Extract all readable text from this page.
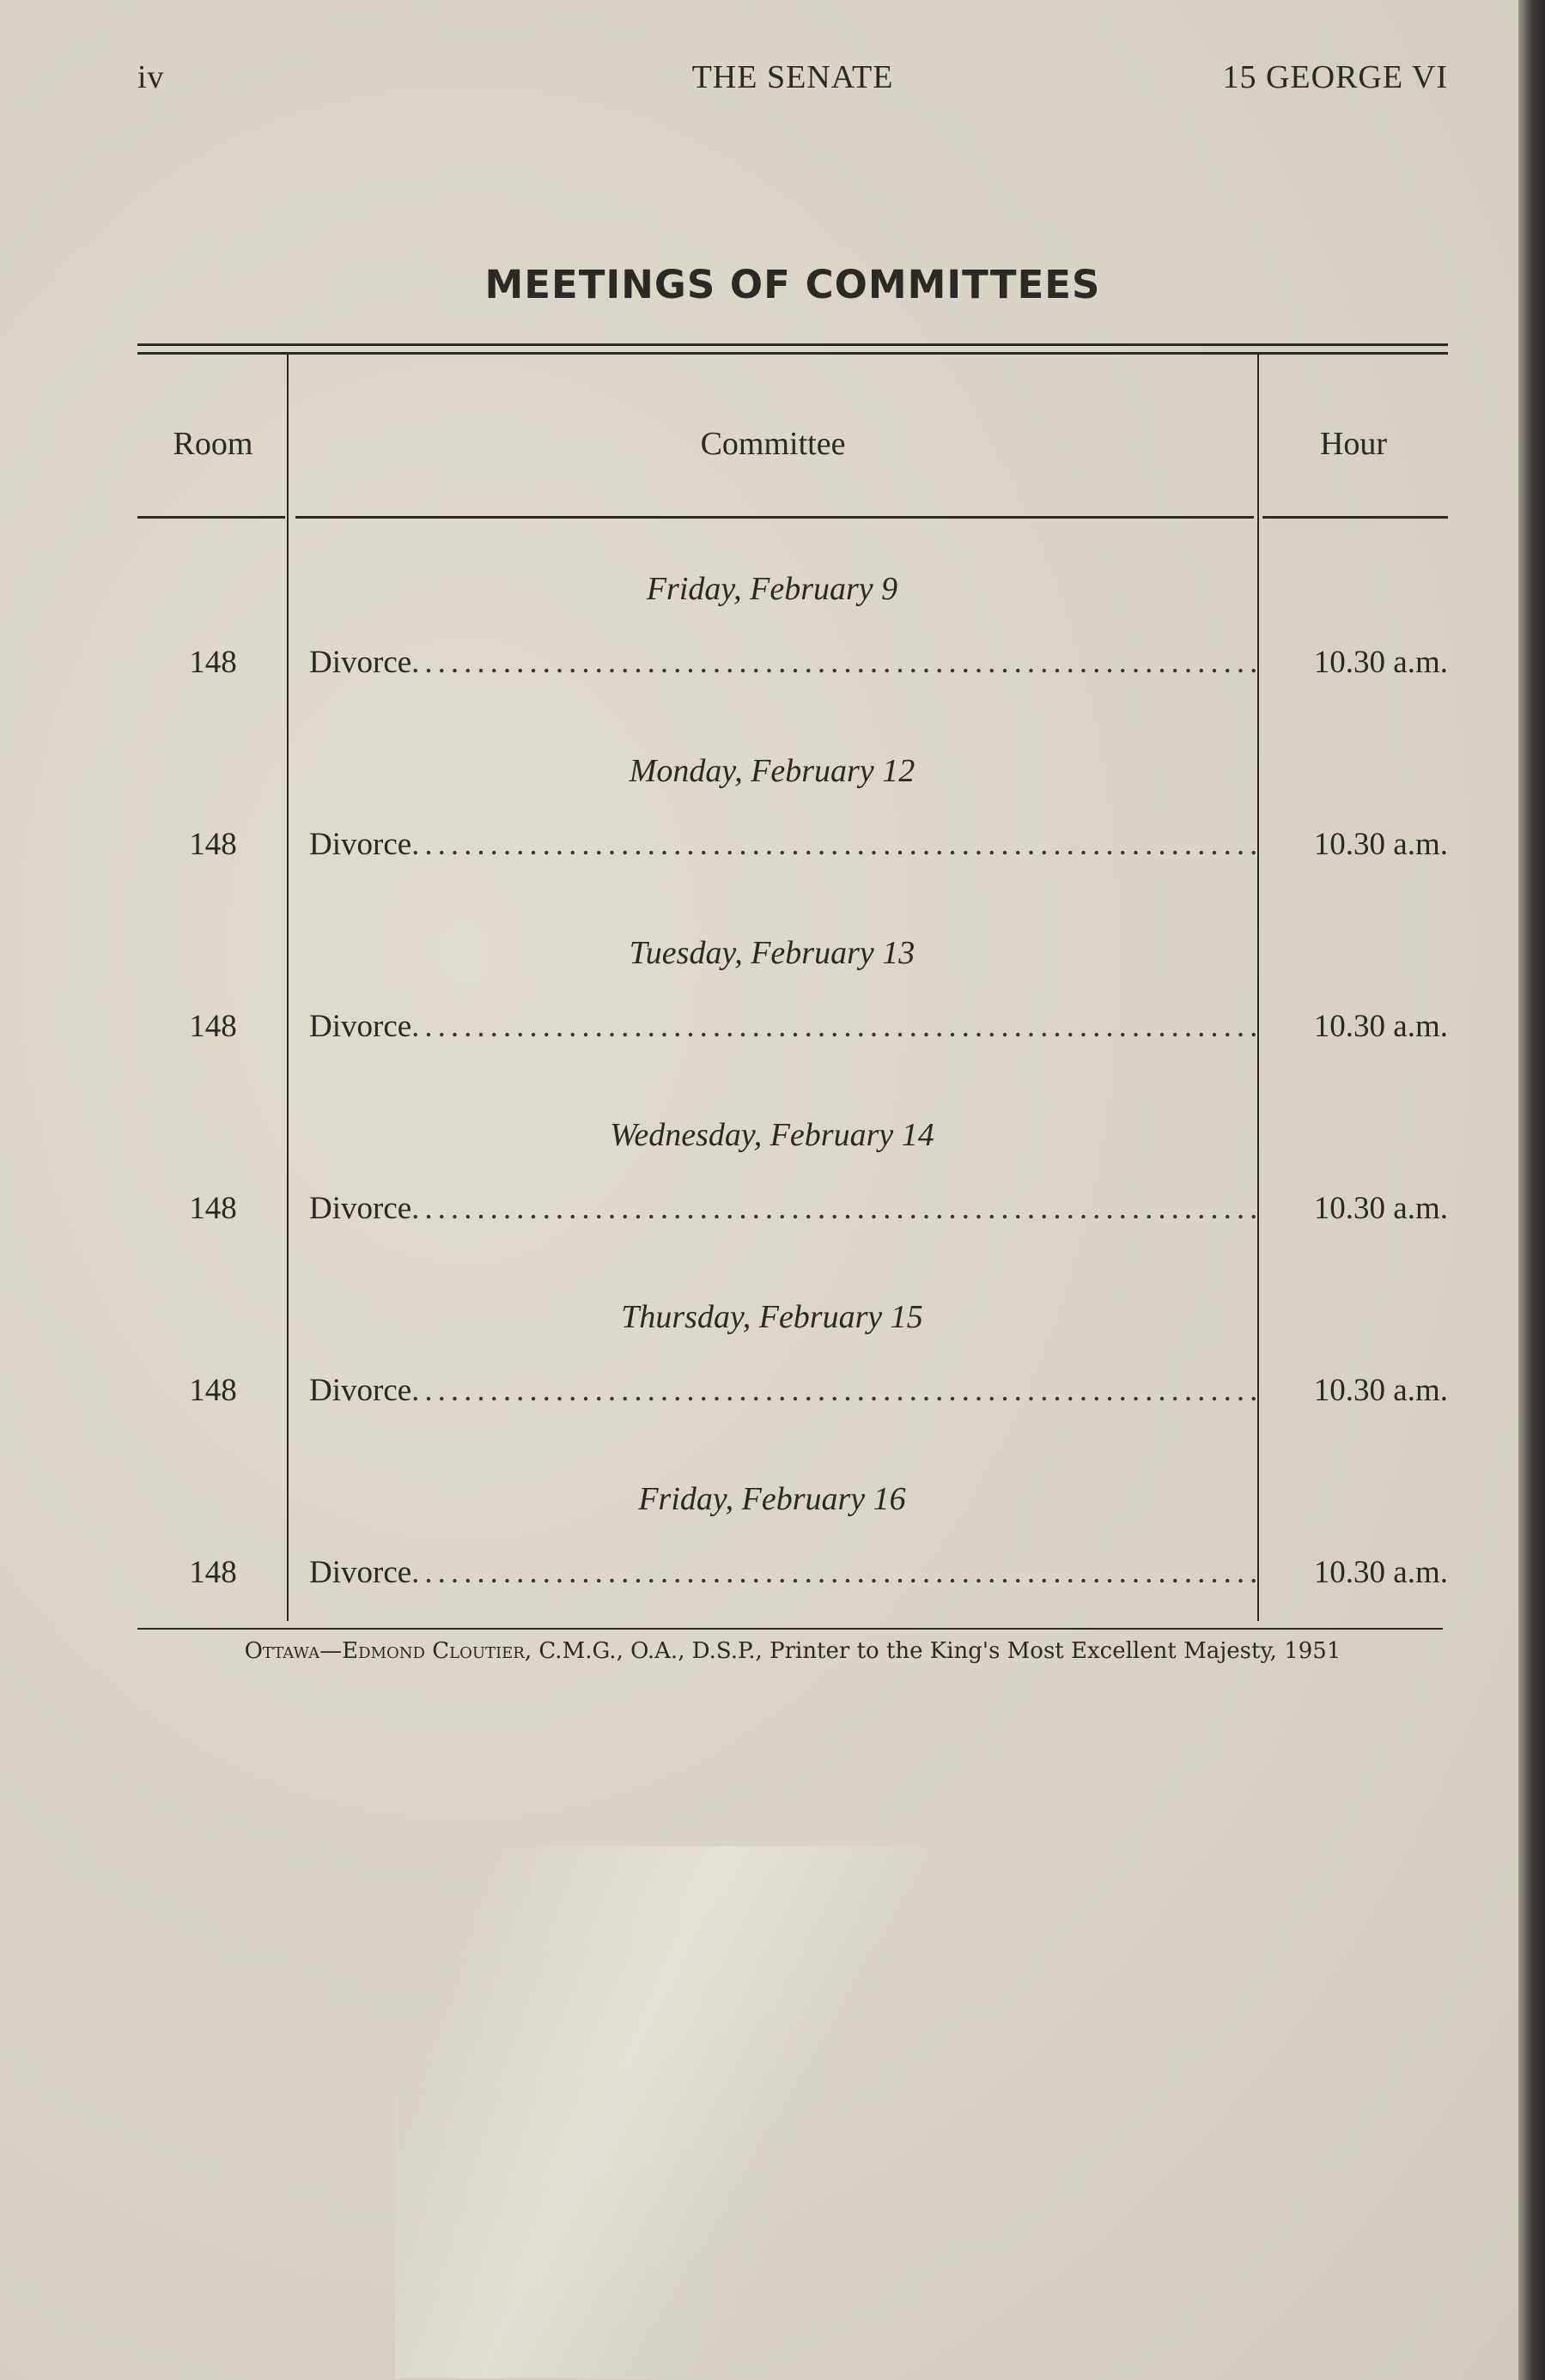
iv	THE SENATE	15 GEORGE VI
MEETINGS OF COMMITTEES
Room	Committee	Hour
Friday, February 9
148	Divorce.................................................................	10.30 a.m.
Monday, February 12
148	Divorce.................................................................	10.30 a.m.
Tuesday, February 13
148	Divorce.................................................................	10.30 a.m.
Wednesday, February 14
148	Divorce.................................................................	10.30 a.m.
Thursday, February 15
148	Divorce.................................................................	10.30 a.m.
Friday, February 16
148	Divorce.................................................................	10.30 a.m.
Ottawa—Edmond Cloutier, C.M.G., O.A., D.S.P., Printer to the King's Most Excellent Majesty, 1951
